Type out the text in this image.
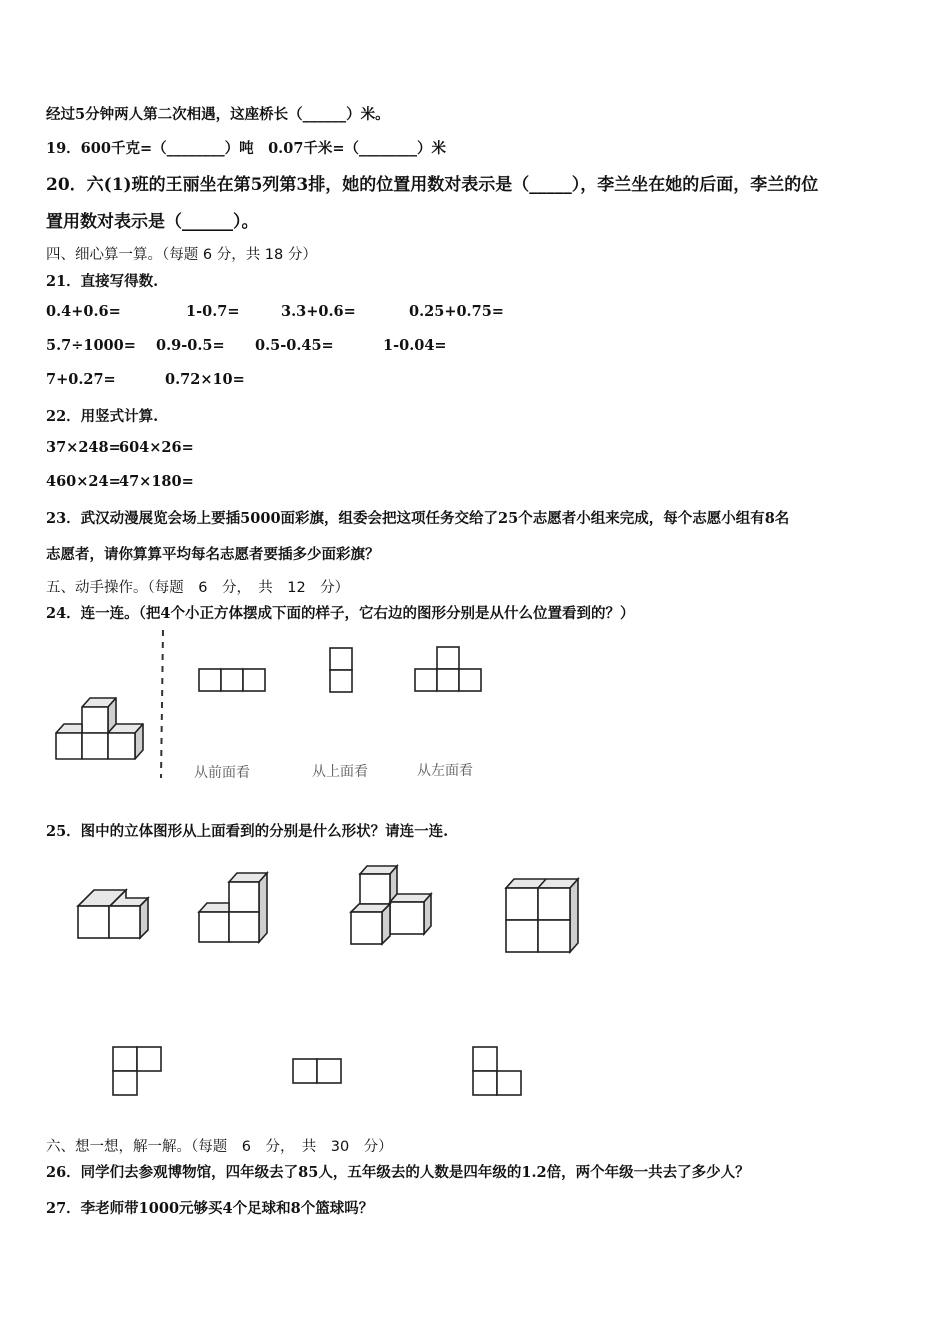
经过5分钟两人第二次相遇，这座桥长（______）米。
19．600千克=（________）吨　0.07千米=（________）米
20．六(1)班的王丽坐在第5列第3排，她的位置用数对表示是（_____），李兰坐在她的后面，李兰的位
置用数对表示是（______）。
四、细心算一算。（每题 6 分，共 18 分）
21．直接写得数.
0.4+0.6=	1-0.7=	3.3+0.6=	0.25+0.75=
5.7÷1000= 0.9-0.5= 0.5-0.45=	1-0.04=
7+0.27=	0.72×10=
22．用竖式计算.
37×248=
604×26=
460×24=
47×180=
23．武汉动漫展览会场上要插5000面彩旗，组委会把这项任务交给了25个志愿者小组来完成，每个志愿小组有8名
志愿者，请你算算平均每名志愿者要插多少面彩旗？
五、动手操作。（每题　6　分，　共　12　分）
24．连一连。（把4个小正方体摆成下面的样子，它右边的图形分别是从什么位置看到的？）
从前面看	从上面看	从左面看
25．图中的立体图形从上面看到的分别是什么形状？请连一连.
六、想一想，解一解。（每题　6　分，　共　30　分）
26．同学们去参观博物馆，四年级去了85人，五年级去的人数是四年级的1.2倍，两个年级一共去了多少人？
27．李老师带1000元够买4个足球和8个篮球吗？
